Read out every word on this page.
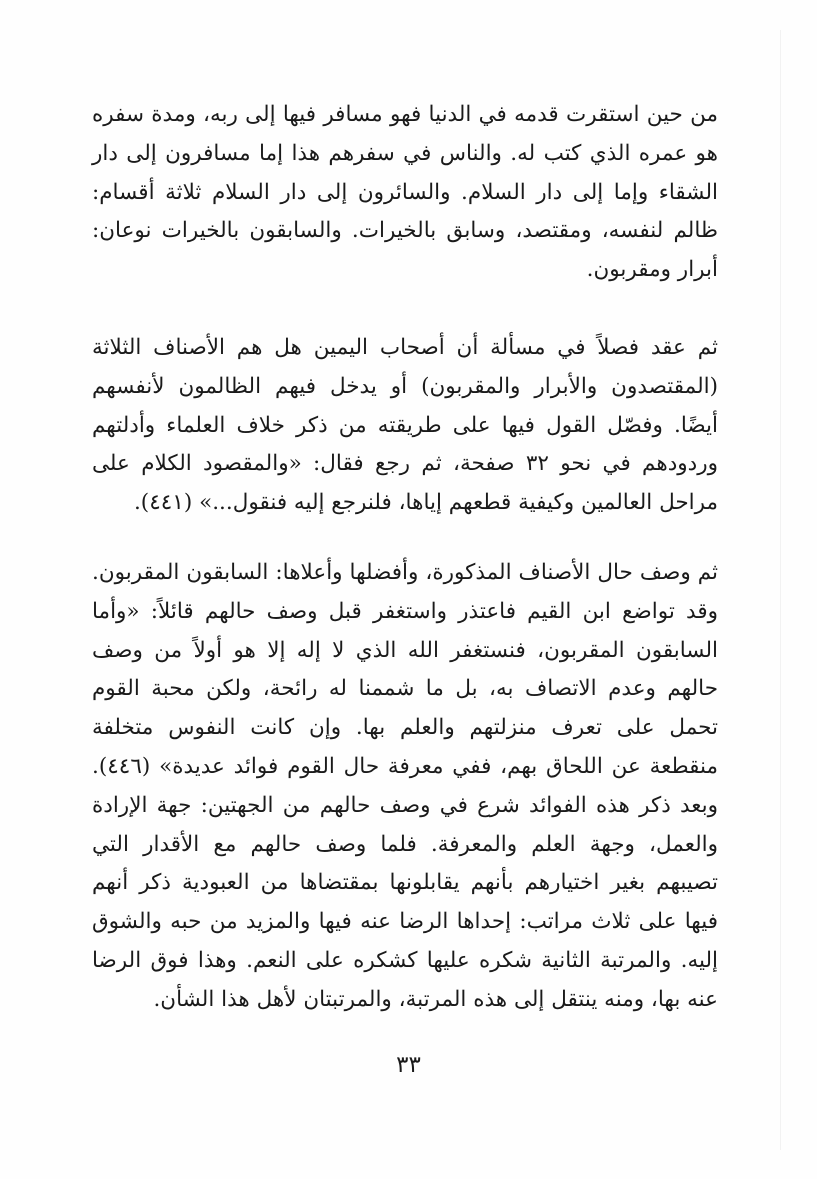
من حين استقرت قدمه في الدنيا فهو مسافر فيها إلى ربه، ومدة سفره هو عمره الذي كتب له. والناس في سفرهم هذا إما مسافرون إلى دار الشقاء وإما إلى دار السلام. والسائرون إلى دار السلام ثلاثة أقسام: ظالم لنفسه، ومقتصد، وسابق بالخيرات. والسابقون بالخيرات نوعان: أبرار ومقربون.

ثم عقد فصلاً في مسألة أن أصحاب اليمين هل هم الأصناف الثلاثة (المقتصدون والأبرار والمقربون) أو يدخل فيهم الظالمون لأنفسهم أيضًا. وفصّل القول فيها على طريقته من ذكر خلاف العلماء وأدلتهم وردودهم في نحو ٣٢ صفحة، ثم رجع فقال: «والمقصود الكلام على مراحل العالمين وكيفية قطعهم إياها، فلنرجع إليه فنقول...» (٤٤١).

ثم وصف حال الأصناف المذكورة، وأفضلها وأعلاها: السابقون المقربون. وقد تواضع ابن القيم فاعتذر واستغفر قبل وصف حالهم قائلاً: «وأما السابقون المقربون، فنستغفر الله الذي لا إله إلا هو أولاً من وصف حالهم وعدم الاتصاف به، بل ما شممنا له رائحة، ولكن محبة القوم تحمل على تعرف منزلتهم والعلم بها. وإن كانت النفوس متخلفة منقطعة عن اللحاق بهم، ففي معرفة حال القوم فوائد عديدة» (٤٤٦). وبعد ذكر هذه الفوائد شرع في وصف حالهم من الجهتين: جهة الإرادة والعمل، وجهة العلم والمعرفة. فلما وصف حالهم مع الأقدار التي تصيبهم بغير اختيارهم بأنهم يقابلونها بمقتضاها من العبودية ذكر أنهم فيها على ثلاث مراتب: إحداها الرضا عنه فيها والمزيد من حبه والشوق إليه. والمرتبة الثانية شكره عليها كشكره على النعم. وهذا فوق الرضا عنه بها، ومنه ينتقل إلى هذه المرتبة، والمرتبتان لأهل هذا الشأن.

٣٣
